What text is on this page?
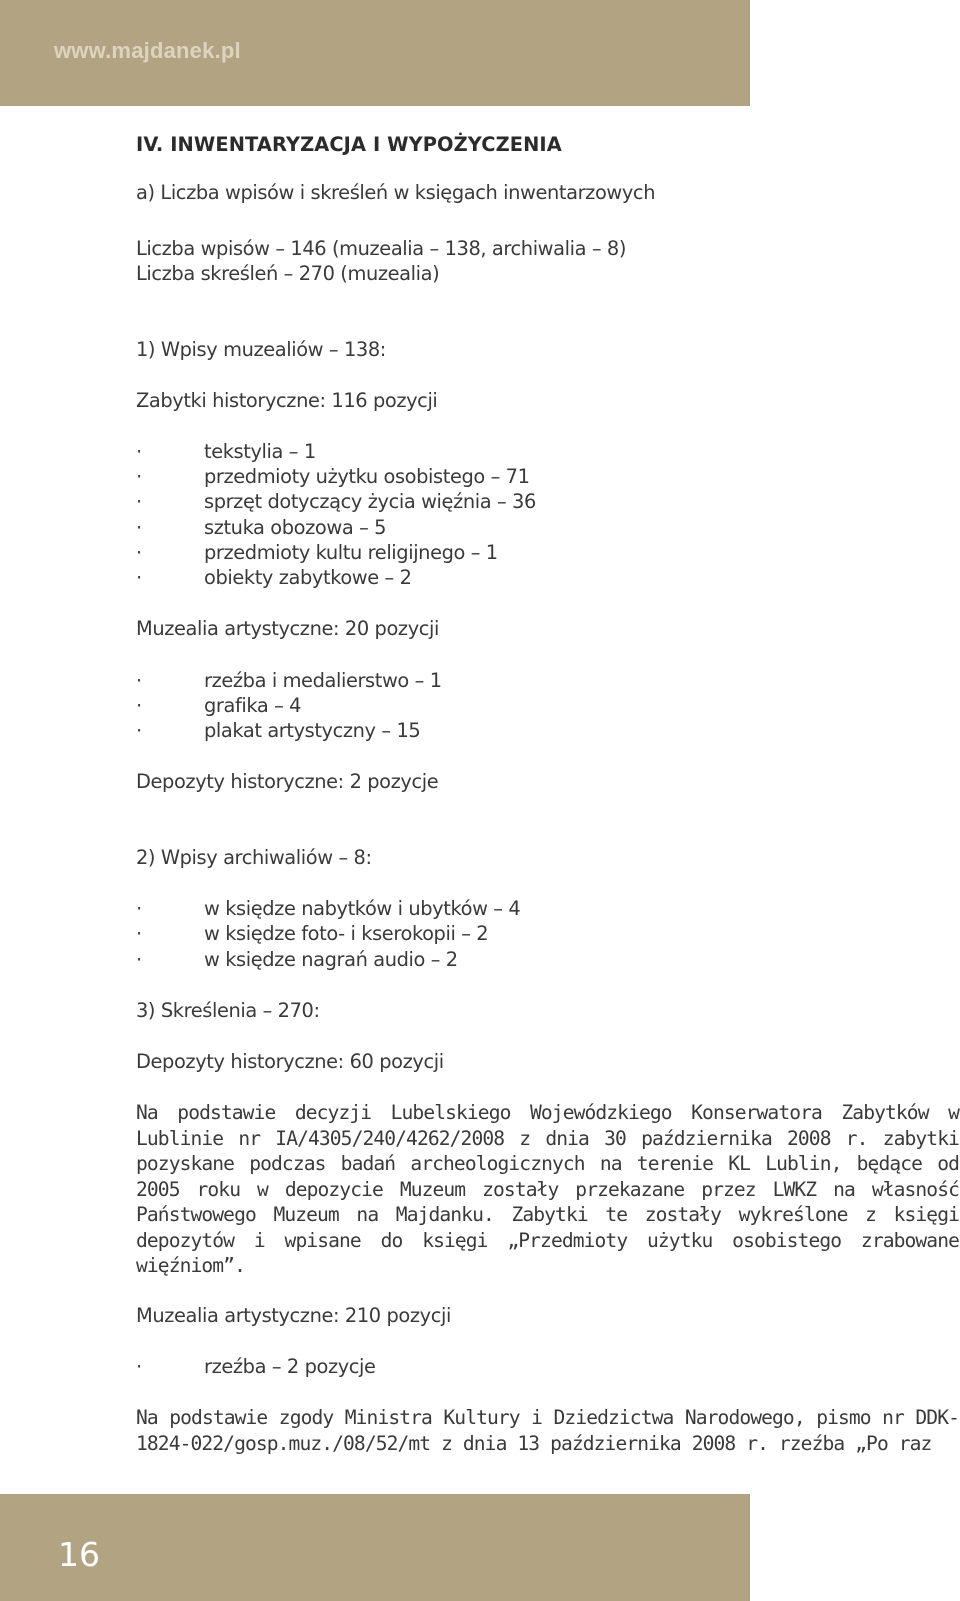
www.majdanek.pl
IV. INWENTARYZACJA I WYPOŻYCZENIA
a) Liczba wpisów i skreśleń w księgach inwentarzowych
Liczba wpisów – 146 (muzealia – 138, archiwalia – 8)
Liczba skreśleń – 270 (muzealia)
1) Wpisy muzealiów – 138:
Zabytki historyczne: 116 pozycji
·	tekstylia – 1
·	przedmioty użytku osobistego – 71
·	sprzęt dotyczący życia więźnia – 36
·	sztuka obozowa – 5
·	przedmioty kultu religijnego – 1
·	obiekty zabytkowe – 2
Muzealia artystyczne: 20 pozycji
·	rzeźba i medalierstwo – 1
·	grafika – 4
·	plakat artystyczny – 15
Depozyty historyczne: 2 pozycje
2) Wpisy archiwaliów – 8:
·	w księdze nabytków i ubytków – 4
·	w księdze foto- i kserokopii – 2
·	w księdze nagrań audio – 2
3) Skreślenia – 270:
Depozyty historyczne: 60 pozycji
Na podstawie decyzji Lubelskiego Wojewódzkiego Konserwatora Zabytków w Lublinie nr IA/4305/240/4262/2008 z dnia 30 października 2008 r. zabytki pozyskane podczas badań archeologicznych na terenie KL Lublin, będące od 2005 roku w depozycie Muzeum zostały przekazane przez LWKZ na własność Państwowego Muzeum na Majdanku. Zabytki te zostały wykreślone z księgi depozytów i wpisane do księgi „Przedmioty użytku osobistego zrabowane więźniom”.
Muzealia artystyczne: 210 pozycji
·	rzeźba – 2 pozycje
Na podstawie zgody Ministra Kultury i Dziedzictwa Narodowego, pismo nr DDK-1824-022/gosp.muz./08/52/mt z dnia 13 października 2008 r. rzeźba „Po raz
16
